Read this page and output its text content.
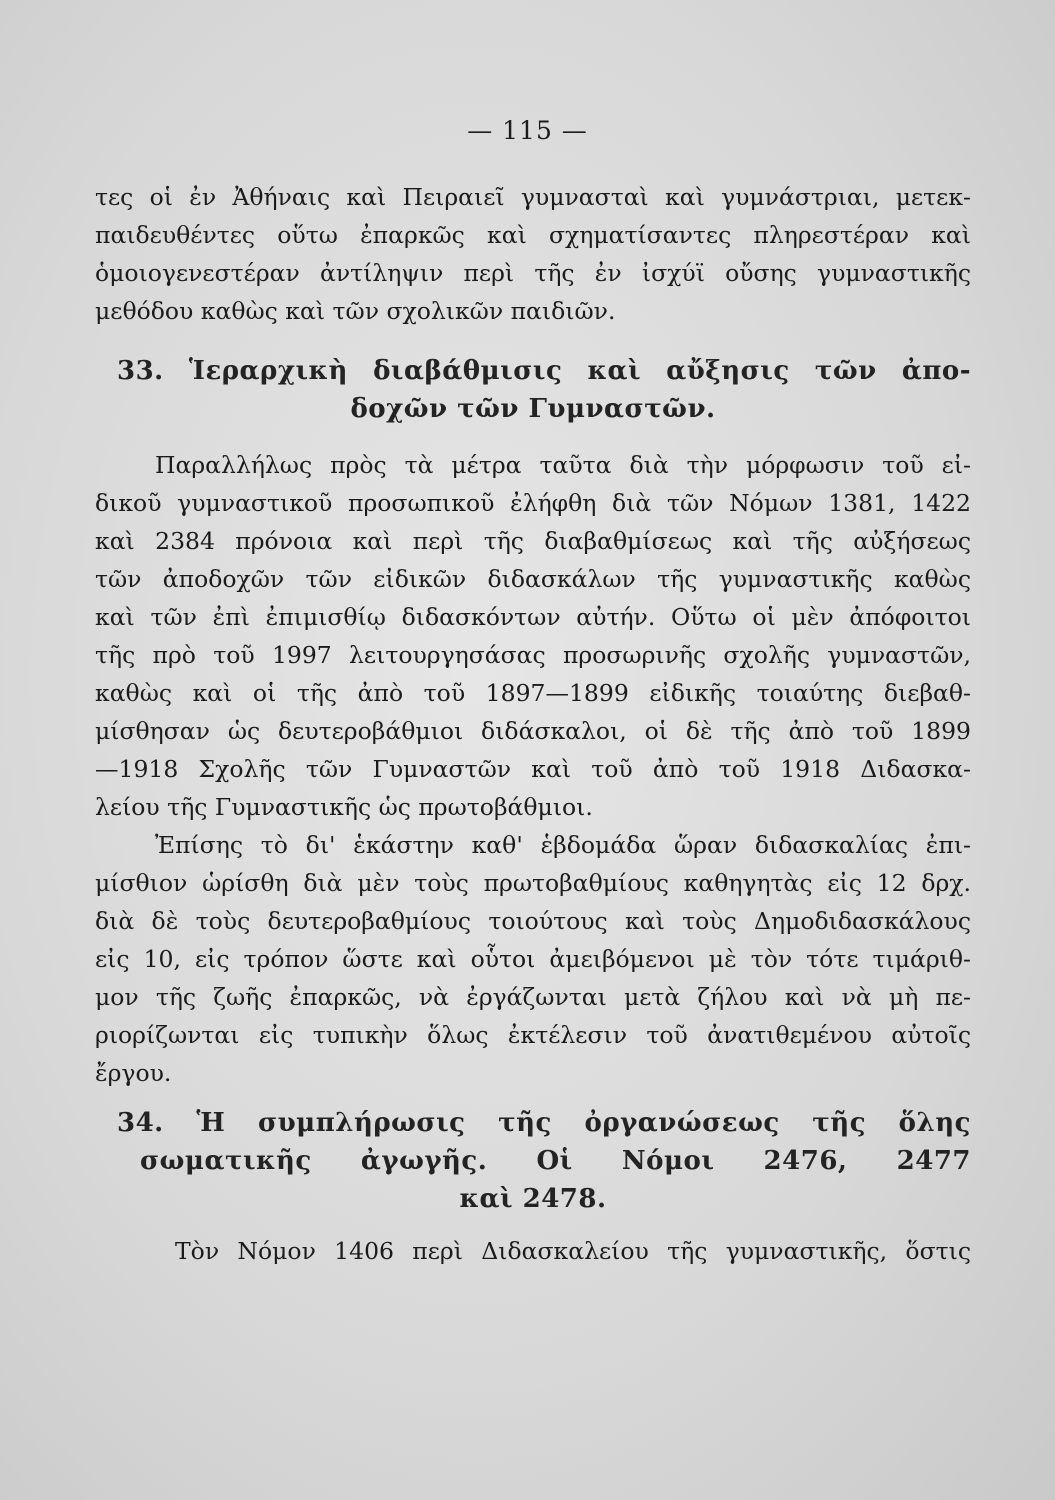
— 115 —
τες οἱ ἐν Ἀθήναις καὶ Πειραιεῖ γυμνασταὶ καὶ γυμνάστριαι, μετεκ-
παιδευθέντες οὕτω ἐπαρκῶς καὶ σχηματίσαντες πληρεστέραν καὶ
ὁμοιογενεστέραν ἀντίληψιν περὶ τῆς ἐν ἰσχύϊ οὔσης γυμναστικῆς
μεθόδου καθὼς καὶ τῶν σχολικῶν παιδιῶν.
33. Ἱεραρχικὴ διαβάθμισις καὶ αὔξησις τῶν ἀπο-
δοχῶν τῶν Γυμναστῶν.
Παραλλήλως πρὸς τὰ μέτρα ταῦτα διὰ τὴν μόρφωσιν τοῦ εἰ-
δικοῦ γυμναστικοῦ προσωπικοῦ ἐλήφθη διὰ τῶν Νόμων 1381, 1422
καὶ 2384 πρόνοια καὶ περὶ τῆς διαβαθμίσεως καὶ τῆς αὐξήσεως
τῶν ἀποδοχῶν τῶν εἰδικῶν διδασκάλων τῆς γυμναστικῆς καθὼς
καὶ τῶν ἐπὶ ἐπιμισθίῳ διδασκόντων αὐτήν. Οὕτω οἱ μὲν ἀπόφοιτοι
τῆς πρὸ τοῦ 1997 λειτουργησάσας προσωρινῆς σχολῆς γυμναστῶν,
καθὼς καὶ οἱ τῆς ἀπὸ τοῦ 1897—1899 εἰδικῆς τοιαύτης διεβαθ-
μίσθησαν ὡς δευτεροβάθμιοι διδάσκαλοι, οἱ δὲ τῆς ἀπὸ τοῦ 1899
—1918 Σχολῆς τῶν Γυμναστῶν καὶ τοῦ ἀπὸ τοῦ 1918 Διδασκα-
λείου τῆς Γυμναστικῆς ὡς πρωτοβάθμιοι.
Ἐπίσης τὸ δι' ἑκάστην καθ' ἑβδομάδα ὥραν διδασκαλίας ἐπι-
μίσθιον ὡρίσθη διὰ μὲν τοὺς πρωτοβαθμίους καθηγητὰς εἰς 12 δρχ.
διὰ δὲ τοὺς δευτεροβαθμίους τοιούτους καὶ τοὺς Δημοδιδασκάλους
εἰς 10, εἰς τρόπον ὥστε καὶ οὗτοι ἀμειβόμενοι μὲ τὸν τότε τιμάριθ-
μον τῆς ζωῆς ἐπαρκῶς, νὰ ἐργάζωνται μετὰ ζήλου καὶ νὰ μὴ πε-
ριορίζωνται εἰς τυπικὴν ὅλως ἐκτέλεσιν τοῦ ἀνατιθεμένου αὐτοῖς
ἔργου.
34. Ἡ συμπλήρωσις τῆς ὀργανώσεως τῆς ὅλης
σωματικῆς ἀγωγῆς. Οἱ Νόμοι 2476, 2477
καὶ 2478.
Τὸν Νόμον 1406 περὶ Διδασκαλείου τῆς γυμναστικῆς, ὅστις
